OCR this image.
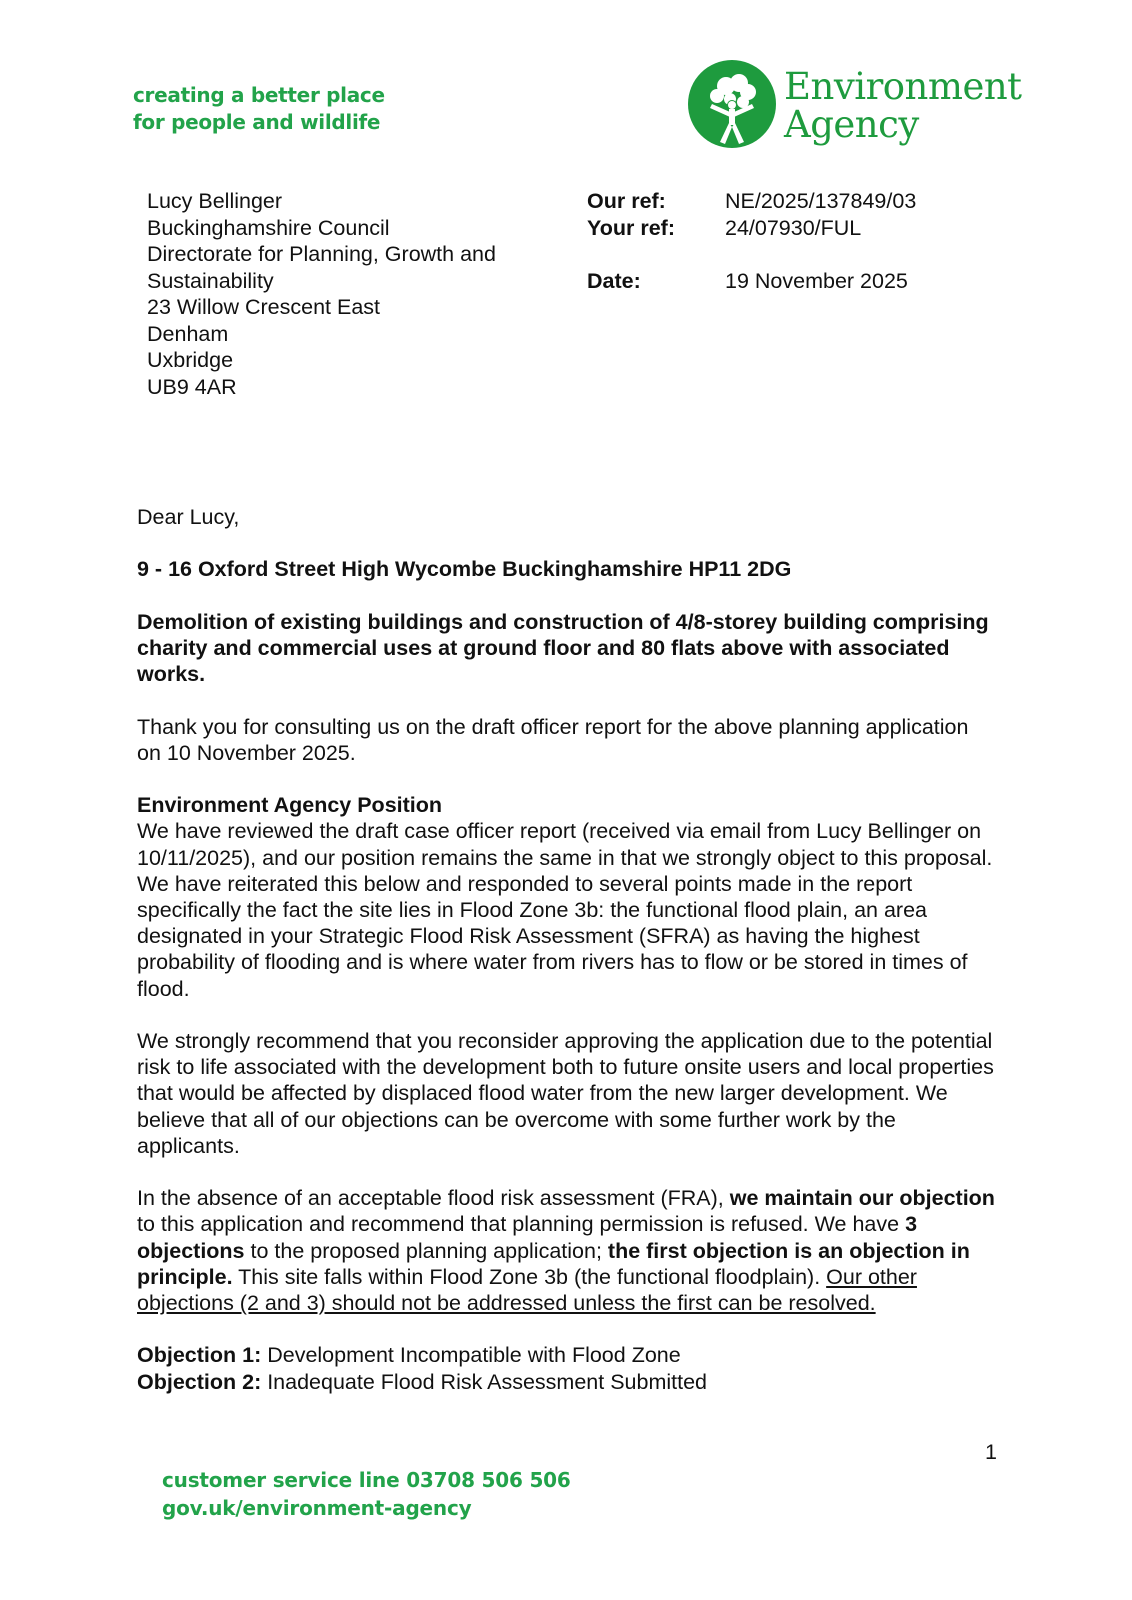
creating a better place
for people and wildlife
Environment
Agency
Lucy Bellinger
Buckinghamshire Council
Directorate for Planning, Growth and
Sustainability
23 Willow Crescent East
Denham
Uxbridge
UB9 4AR
Our ref:	NE/2025/137849/03
Your ref:	24/07930/FUL
Date:	19 November 2025

Dear Lucy,

9 - 16 Oxford Street High Wycombe Buckinghamshire HP11 2DG

Demolition of existing buildings and construction of 4/8-storey building comprising charity and commercial uses at ground floor and 80 flats above with associated works.

Thank you for consulting us on the draft officer report for the above planning application on 10 November 2025.

Environment Agency Position
We have reviewed the draft case officer report (received via email from Lucy Bellinger on 10/11/2025), and our position remains the same in that we strongly object to this proposal. We have reiterated this below and responded to several points made in the report specifically the fact the site lies in Flood Zone 3b: the functional flood plain, an area designated in your Strategic Flood Risk Assessment (SFRA) as having the highest probability of flooding and is where water from rivers has to flow or be stored in times of flood.

We strongly recommend that you reconsider approving the application due to the potential risk to life associated with the development both to future onsite users and local properties that would be affected by displaced flood water from the new larger development. We believe that all of our objections can be overcome with some further work by the applicants.

In the absence of an acceptable flood risk assessment (FRA), we maintain our objection to this application and recommend that planning permission is refused. We have 3 objections to the proposed planning application; the first objection is an objection in principle. This site falls within Flood Zone 3b (the functional floodplain). Our other objections (2 and 3) should not be addressed unless the first can be resolved.

Objection 1: Development Incompatible with Flood Zone
Objection 2: Inadequate Flood Risk Assessment Submitted
1
customer service line 03708 506 506
gov.uk/environment-agency
